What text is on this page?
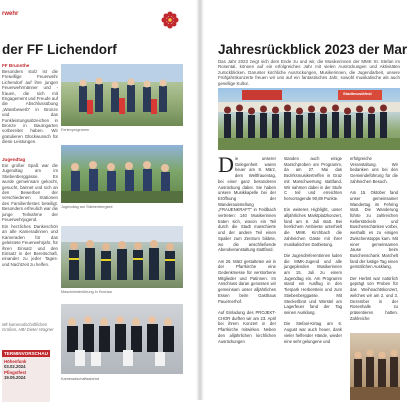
rwehr
der FF Lichendorf
FF Brunnthe
Besonders stolz ist die Freiwillige Feuerwehr Lichendorf auf ihre jungen Feuerwehrmänner und -frauen, die sich mit Engagement und Freude auf die Abschlussübung „Wassbewerb“ in Bronze und das Funkleistungsabzeichen in Bronze in Baumgarten vorbereitet haben. Wir gratulieren Glückwunsch für diese Leistungen.
Ferienprogramm
Jugendtag
Ein großer Spaß war die Jugendtag am im Stiebenberggasse. Es wurde gemeinsam gekocht, gesucht, bannet und sich an den Bewerben der verschiedenen Stationen des Familienfestes beteiligt. Besonders erfreulich war die junge Teilnahme der Feuerwehrjugend.
Jugendtag am Stiebenbergsee
Ein herzliches Dankeschön an alle Kameradinnen und Kameraden für das geleistete Feuerwehrjahr, für ihren Einsatz und den Einsatz in der Bereitschaft, einander zu jeder Tages- und Nachtzeit zu helfen.
Maschinistenübung in Hochau
Mit kameradschaftlichen Grüßen, HBI Dieter Wagner
TERMINVORSCHAU
Höhenfunk
03.02.2024
Pfingstfest
19.05.2024	Kameradschaftsabend
Jahresrückblick 2023 der Mar
Das Jahr 2023 zeigt sich dem Ende zu und wir, die Musikerinnen der MMK St. Stefan im Rosental, können auf ein erfolgreiches Jahr mit vielen Ausrückungen und Aktivitäten zurückblicken. Darunter kirchliche Ausrückungen, Musikerinnen, die Jugendarbeit, unsere Frühjahrskonzerte freuen wir uns auf ein fantastisches Jahr, sowohl musikalische als auch gesellige Kultur.
Stadtmusikfest
Die unserer Gelegenheit waren heuer am 8. März, dem Weltfrauentag, bei einer ganz besonderen Ausrückung dabei. Sie haben unsere Musikkapelle bei der Eröffnung der Wanderausstellung „FRAUENKRAFT“ in Feldbach vertreten: 140 Musikerinnen traten sich, wovon ein Teil durch die Stadt marschierte und der andere Teil einen Spalier zum Zentrum bildete, wo die anschließende Abendveranstaltung stattfand.

Am 26. März gestalteten wir in der Pfarrkirche eine Gedenkmesse für verstorbene Mitglieder und Patinnen. Im Anschluss daran genossen wir gemeinsam unser alljährliches Essen beim Gasthaus Pauernerhof.

Auf Einladung des PROJEKT-CHOR durften wir am 23. April bei ihrem Konzert in der Pfarrkirche mitwirken. Neben den alljährlichen kirchlichen Ausrückungen
standen auch einige Marschproben am Programm, da am 27. Mai das Bezirksmusikertreffen in Graz mit Marschwertung stattfand. Wir nahmen dabei in der Stufe C teil und erreichten hervorragende 90,89 Punkte.

Ein weiteres Highlight, unser alljährliches Marktplatzkonzert, fand am 8. Juli statt. Bei herrlichem Ambiente unterhielt die MMK Kirchbach die zahlreichen Gäste mit ihrer musikalischen Darbietung.

Die Jugendreferentinnen luden die MMK-Jugend und alle jungeplenden Musikerinnen am 15. Juli zu einem Jugendtag ein. Am Programm stand ein Ausflug in den Tierpark Herberstein und zum Stiebenberggasse. Mit Steckerlbrot und Würstel am Lagerfeuer fand der Tag seinen Ausklang.

Die Stefani-Kirtag am 6. August war auch heuer, dank vieler helfender Hände, wieder eine sehr gelungene und
erfolgreiche Veranstaltung. Wir bedanken uns bei den Gemeindeführung für die zahlreichen Besuch.

Am 15. Oktober fand unser gemeinsamer Wandertag im Fehring statt. Die Wanderung führte zu zahlreichen Kellerstöckeln und Buschenschänken vorbei, weshalb es zu einigen Zwischenstopps kam. Mit einer gemeinsamen Jause beim Buschenschank Marchelt fand der lustige Tag einen gemütlichen Ausklang.

Der Herbst war natürlich geprägt von Proben für das Weihnachtskonzert, welches wir am 2. und 3. Dezember in der Rosenhalle zu präsentieren hatten. Zahlreiche
